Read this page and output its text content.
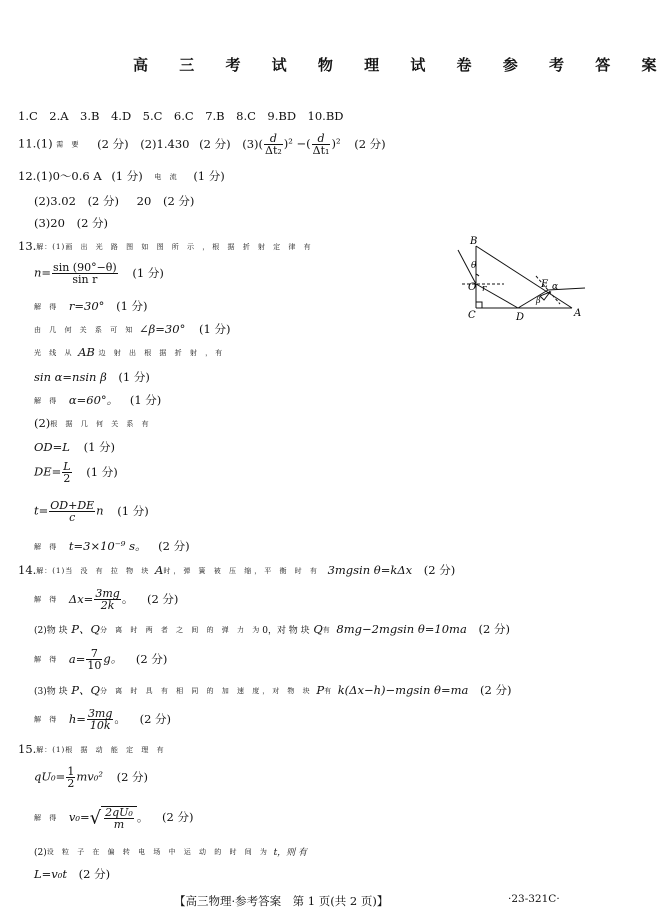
高 三 考 试 物 理 试 卷 参 考 答 案
1.C　2.A　3.B　4.D　5.C　6.C　7.B　8.C　9.BD　10.BD
11.(1) 需 要 (2 分) (2)1.430 (2 分) $(3)( \frac{d}{\text{Δt₂}} )^2$ −( $\frac{d}{\text{Δt₁}} )^2$ (2 分)
12.(1)0～0.6 A (1 分) 电 流 (1 分)
(2)3.02 (2 分) 20 (2 分)
(3)20 (2 分)
13.解：(1)画 出 光 路 图 如 图 所 示 ，根 据 折 射 定 律 有
$n= \frac{\sin (90^\circ-\theta)}{\text{sin r}} (1$ 分)
解 得 r=30° (1 分)
由 几 何 关 系 可 知 ∠β=30° (1 分)
光 线 从 AB 边 射 出 根 据 折 射 ，有
sin α=nsin β (1 分)
解 得 α=60°。 (1 分)
(2)根 据 几 何 关 系 有
OD=L (1 分)
$DE= \frac{L}{2} (1$ 分)
$t= \frac{OD+DE}{c}$ n (1 分)
解 得 t=3×10⁻⁹ s。 (2 分)
B
θ
O r
C	D
E α
β
A
14.解：(1)当 没 有 拉 物 块 A时，弹 簧 被 压 缩，平 衡 时 有 3mgsin θ=kΔx (2 分)
解 得 $\Delta x= \frac{3mg}{2k}$ 。 (2 分)
(2)物 块 P、Q分 离 时 两 者 之 间 的 弹 力 为0，对 物 块 Q有 8mg−2mgsin θ=10ma (2 分)
解 得 $a= \frac{7}{10}$ g。 (2 分)
(3)物 块 P、Q分 离 时 具 有 相 同 的 加 速 度，对 物 块 P有 k(Δx−h)−mgsin θ=ma (2 分)
解 得 $h= \frac{3mg}{10k}$ 。 (2 分)
15.解：(1)根 据 动 能 定 理 有
$qU_0= \frac{1}{2} mv_0^2$ (2 分)
解 得 $v_0=√ \frac{\text{2qU₀}}{m}$ 。 (2 分)
(2)设 粒 子 在 偏 转 电 场 中 运 动 的 时 间 为 t，则 有
L=v₀t (2 分)
【高三物理·参考答案　第 1 页(共 2 页)】	·23-321C·
